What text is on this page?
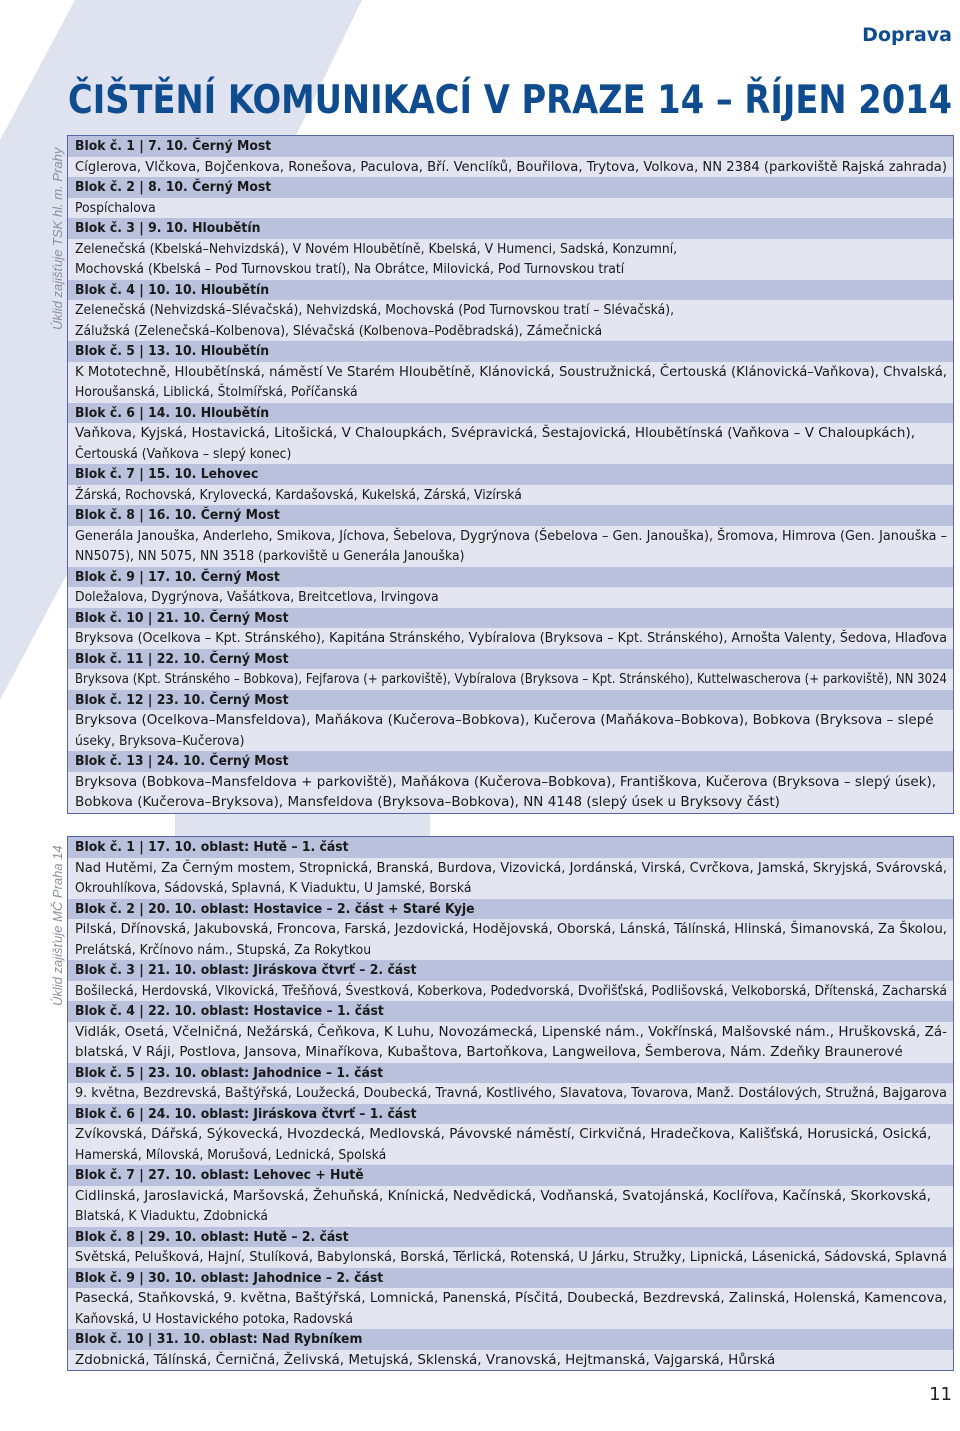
Doprava
ČIŠTĚNÍ KOMUNIKACÍ V PRAZE 14 – ŘÍJEN 2014
Úklid zajišťuje TSK hl. m. Prahy
Blok č. 1 | 7. 10. Černý Most
Cíglerova, Vlčkova, Bojčenkova, Ronešova, Paculova, Bří. Venclíků, Bouřilova, Trytova, Volkova, NN 2384 (parkoviště Rajská zahrada)
Blok č. 2 | 8. 10. Černý Most
Pospíchalova
Blok č. 3 | 9. 10. Hloubětín
Zelenečská (Kbelská–Nehvizdská), V Novém Hloubětíně, Kbelská, V Humenci, Sadská, Konzumní,
Mochovská (Kbelská – Pod Turnovskou tratí), Na Obrátce, Milovická, Pod Turnovskou tratí
Blok č. 4 | 10. 10. Hloubětín
Zelenečská (Nehvizdská–Slévačská), Nehvizdská, Mochovská (Pod Turnovskou tratí – Slévačská),
Zálužská (Zelenečská–Kolbenova), Slévačská (Kolbenova–Poděbradská), Zámečnická
Blok č. 5 | 13. 10. Hloubětín
K Mototechně, Hloubětínská, náměstí Ve Starém Hloubětíně, Klánovická, Soustružnická, Čertouská (Klánovická–Vaňkova), Chvalská,
Horoušanská, Liblická, Štolmířská, Poříčanská
Blok č. 6 | 14. 10. Hloubětín
Vaňkova, Kyjská, Hostavická, Litošická, V Chaloupkách, Svépravická, Šestajovická, Hloubětínská (Vaňkova – V Chaloupkách),
Čertouská (Vaňkova – slepý konec)
Blok č. 7 | 15. 10. Lehovec
Žárská, Rochovská, Krylovecká, Kardašovská, Kukelská, Zárská, Vizírská
Blok č. 8 | 16. 10. Černý Most
Generála Janouška, Anderleho, Smikova, Jíchova, Šebelova, Dygrýnova (Šebelova – Gen. Janouška), Šromova, Himrova (Gen. Janouška –
NN5075), NN 5075, NN 3518 (parkoviště u Generála Janouška)
Blok č. 9 | 17. 10. Černý Most
Doležalova, Dygrýnova, Vašátkova, Breitcetlova, Irvingova
Blok č. 10 | 21. 10. Černý Most
Bryksova (Ocelkova – Kpt. Stránského), Kapitána Stránského, Vybíralova (Bryksova – Kpt. Stránského), Arnošta Valenty, Šedova, Hlaďova
Blok č. 11 | 22. 10. Černý Most
Bryksova (Kpt. Stránského – Bobkova), Fejfarova (+ parkoviště), Vybíralova (Bryksova – Kpt. Stránského), Kuttelwascherova (+ parkoviště), NN 3024
Blok č. 12 | 23. 10. Černý Most
Bryksova (Ocelkova–Mansfeldova), Maňákova (Kučerova–Bobkova), Kučerova (Maňákova–Bobkova), Bobkova (Bryksova – slepé
úseky, Bryksova–Kučerova)
Blok č. 13 | 24. 10. Černý Most
Bryksova (Bobkova–Mansfeldova + parkoviště), Maňákova (Kučerova–Bobkova), Františkova, Kučerova (Bryksova – slepý úsek),
Bobkova (Kučerova–Bryksova), Mansfeldova (Bryksova–Bobkova), NN 4148 (slepý úsek u Bryksovy část)
Úklid zajišťuje MČ Praha 14 Blok č. 1 | 17. 10. oblast: Hutě – 1. část
Nad Hutěmi, Za Černým mostem, Stropnická, Branská, Burdova, Vizovická, Jordánská, Virská, Cvrčkova, Jamská, Skryjská, Svárovská,
Okrouhlíkova, Sádovská, Splavná, K Viaduktu, U Jamské, Borská
Blok č. 2 | 20. 10. oblast: Hostavice – 2. část + Staré Kyje
Pilská, Dřínovská, Jakubovská, Froncova, Farská, Jezdovická, Hodějovská, Oborská, Lánská, Tálínská, Hlinská, Šimanovská, Za Školou,
Prelátská, Krčínovo nám., Stupská, Za Rokytkou
Blok č. 3 | 21. 10. oblast: Jiráskova čtvrť – 2. část
Bošilecká, Herdovská, Vlkovická, Třešňová, Śvestková, Koberkova, Podedvorská, Dvořišťská, Podlišovská, Velkoborská, Dřítenská, Zacharská
Blok č. 4 | 22. 10. oblast: Hostavice – 1. část
Vidlák, Osetá, Včelničná, Nežárská, Čeňkova, K Luhu, Novozámecká, Lipenské nám., Vokřínská, Malšovské nám., Hruškovská, Zá-
blatská, V Ráji, Postlova, Jansova, Minaříkova, Kubaštova, Bartoňkova, Langweilova, Šemberova, Nám. Zdeňky Braunerové
Blok č. 5 | 23. 10. oblast: Jahodnice – 1. část
9. května, Bezdrevská, Baštýřská, Loužecká, Doubecká, Travná, Kostlivého, Slavatova, Tovarova, Manž. Dostálových, Stružná, Bajgarova
Blok č. 6 | 24. 10. oblast: Jiráskova čtvrť – 1. část
Zvíkovská, Dářská, Sýkovecká, Hvozdecká, Medlovská, Pávovské náměstí, Cirkvičná, Hradečkova, Kališťská, Horusická, Osická,
Hamerská, Mílovská, Morušová, Lednická, Spolská
Blok č. 7 | 27. 10. oblast: Lehovec + Hutě
Cidlinská, Jaroslavická, Maršovská, Žehuňská, Knínická, Nedvědická, Vodňanská, Svatojánská, Koclířova, Kačínská, Skorkovská,
Blatská, K Viaduktu, Zdobnická
Blok č. 8 | 29. 10. oblast: Hutě – 2. část
Světská, Pelušková, Hajní, Stulíková, Babylonská, Borská, Těrlická, Rotenská, U Járku, Stružky, Lipnická, Lásenická, Sádovská, Splavná
Blok č. 9 | 30. 10. oblast: Jahodnice – 2. část
Pasecká, Staňkovská, 9. května, Baštýřská, Lomnická, Panenská, Písčitá, Doubecká, Bezdrevská, Zalinská, Holenská, Kamencova,
Kaňovská, U Hostavického potoka, Radovská
Blok č. 10 | 31. 10. oblast: Nad Rybníkem
Zdobnická, Tálínská, Černičná, Želivská, Metujská, Sklenská, Vranovská, Hejtmanská, Vajgarská, Hůrská
11
